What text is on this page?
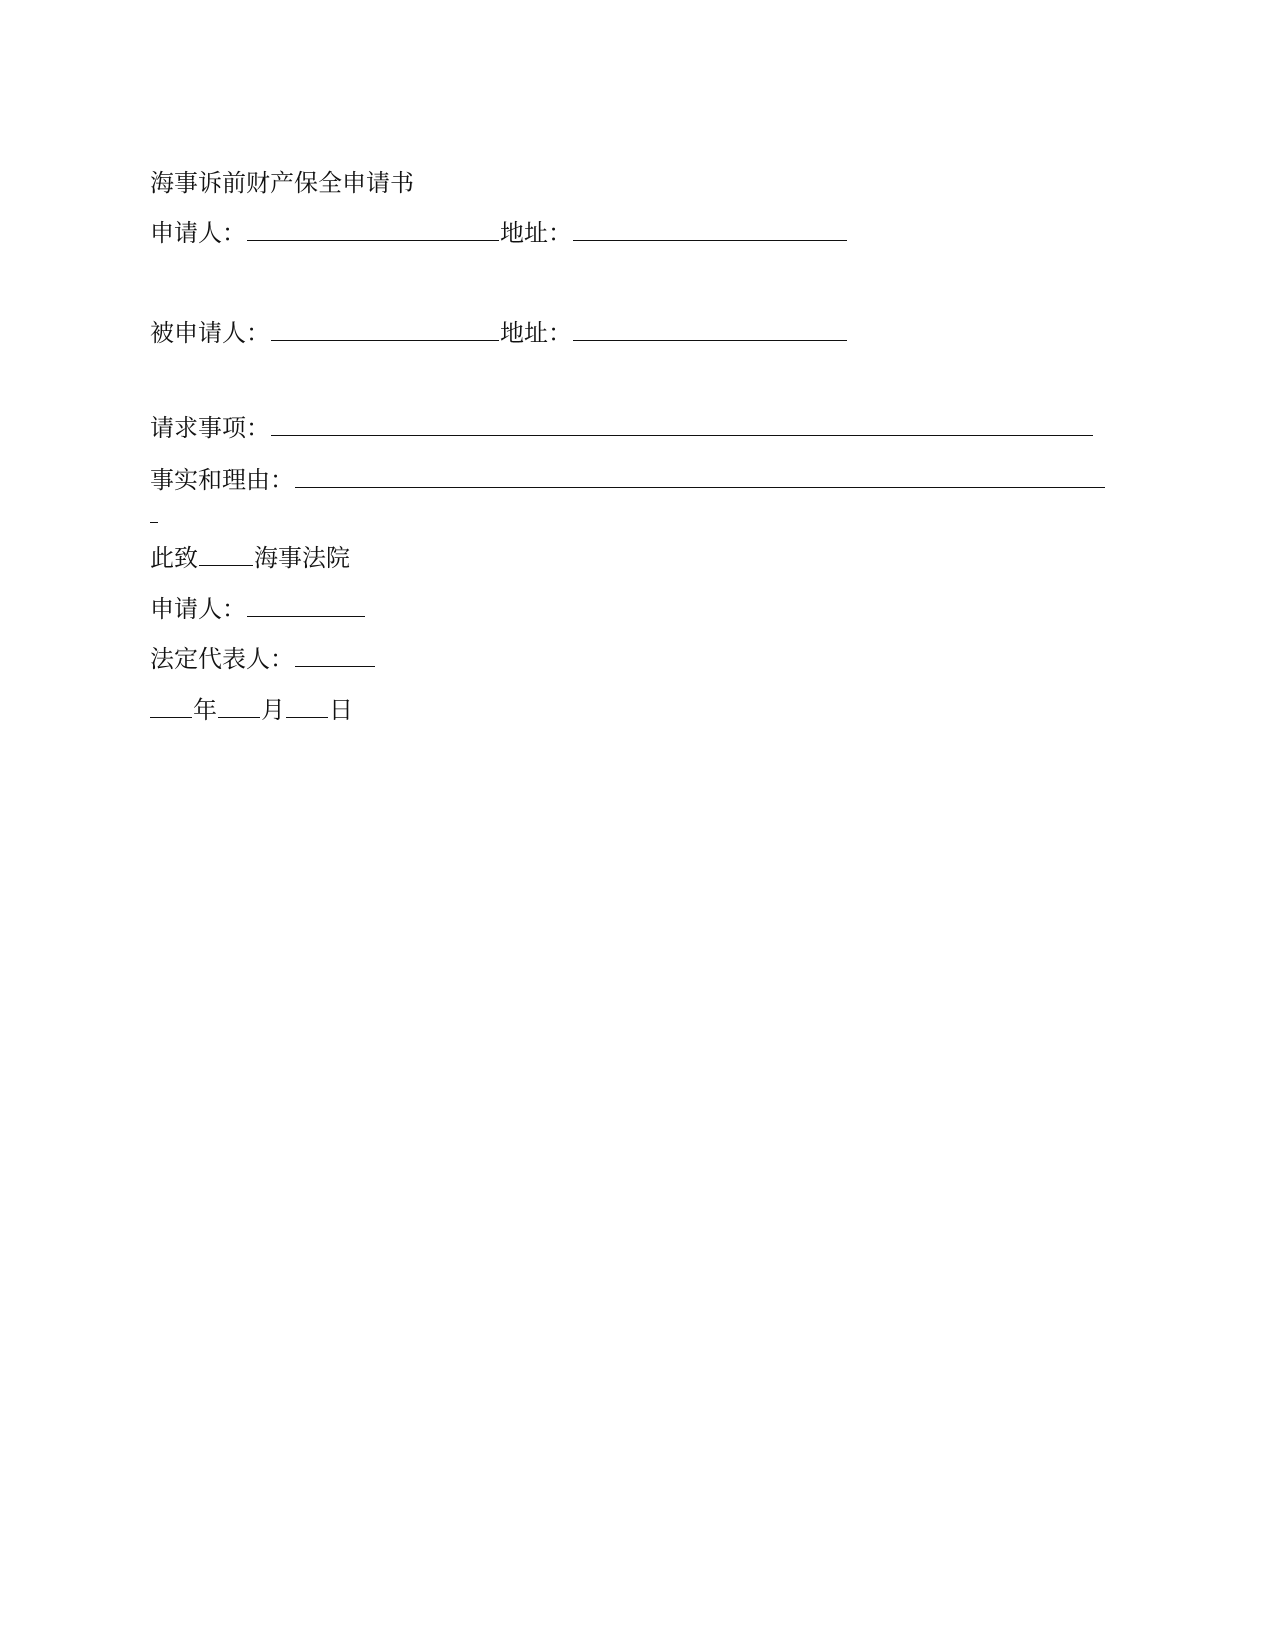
海事诉前财产保全申请书
申请人：	地址：
被申请人：	地址：
请求事项：
事实和理由：
此致 海事法院
申请人：
法定代表人：
年 月 日
